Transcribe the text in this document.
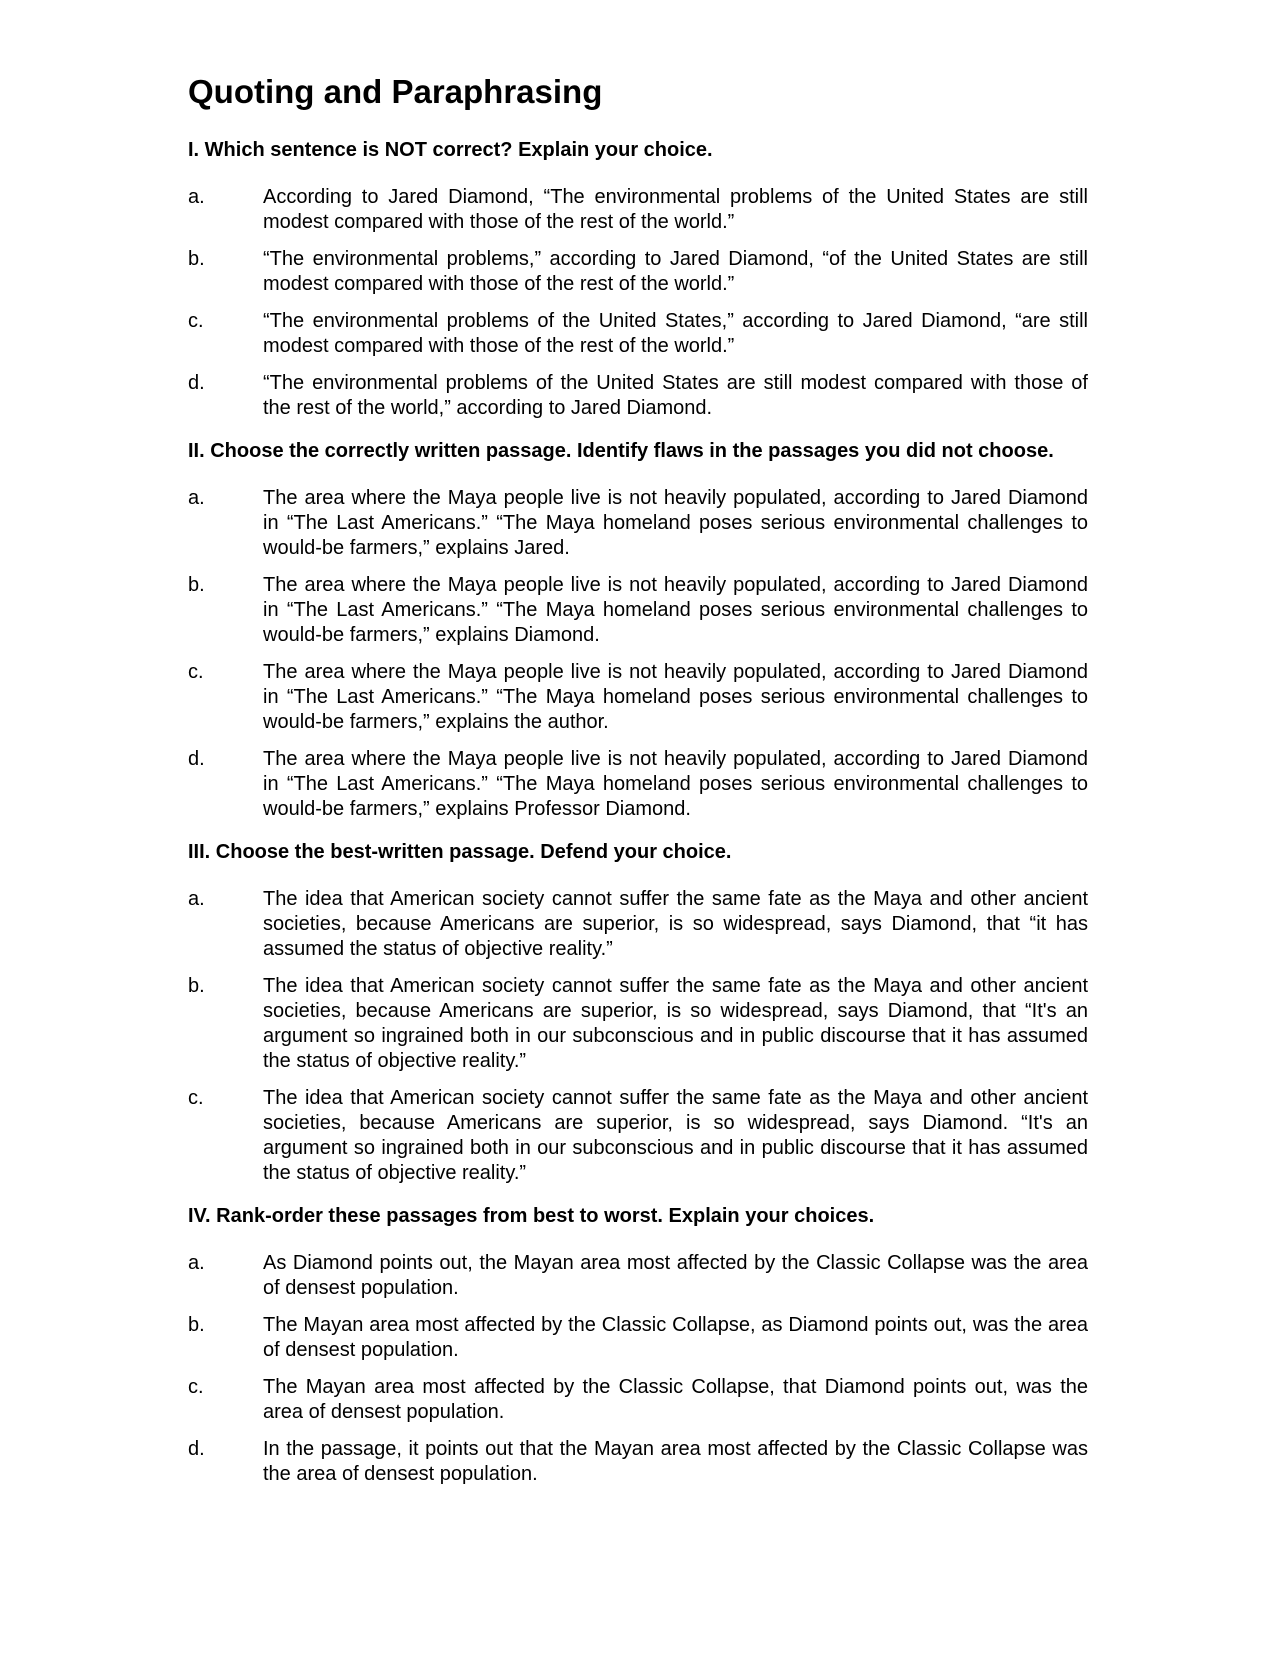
Quoting and Paraphrasing
I. Which sentence is NOT correct? Explain your choice.
a.	According to Jared Diamond, “The environmental problems of the United States are still modest compared with those of the rest of the world.”
b.	“The environmental problems,” according to Jared Diamond, “of the United States are still modest compared with those of the rest of the world.”
c.	“The environmental problems of the United States,” according to Jared Diamond, “are still modest compared with those of the rest of the world.”
d.	“The environmental problems of the United States are still modest compared with those of the rest of the world,” according to Jared Diamond.
II. Choose the correctly written passage. Identify flaws in the passages you did not choose.
a.	The area where the Maya people live is not heavily populated, according to Jared Diamond in “The Last Americans.” “The Maya homeland poses serious environmental challenges to would-be farmers,” explains Jared.
b.	The area where the Maya people live is not heavily populated, according to Jared Diamond in “The Last Americans.” “The Maya homeland poses serious environmental challenges to would-be farmers,” explains Diamond.
c.	The area where the Maya people live is not heavily populated, according to Jared Diamond in “The Last Americans.” “The Maya homeland poses serious environmental challenges to would-be farmers,” explains the author.
d.	The area where the Maya people live is not heavily populated, according to Jared Diamond in “The Last Americans.” “The Maya homeland poses serious environmental challenges to would-be farmers,” explains Professor Diamond.
III. Choose the best-written passage. Defend your choice.
a.	The idea that American society cannot suffer the same fate as the Maya and other ancient societies, because Americans are superior, is so widespread, says Diamond, that “it has assumed the status of objective reality.”
b.	The idea that American society cannot suffer the same fate as the Maya and other ancient societies, because Americans are superior, is so widespread, says Diamond, that “It's an argument so ingrained both in our subconscious and in public discourse that it has assumed the status of objective reality.”
c.	The idea that American society cannot suffer the same fate as the Maya and other ancient societies, because Americans are superior, is so widespread, says Diamond. “It's an argument so ingrained both in our subconscious and in public discourse that it has assumed the status of objective reality.”
IV. Rank-order these passages from best to worst. Explain your choices.
a.	As Diamond points out, the Mayan area most affected by the Classic Collapse was the area of densest population.
b.	The Mayan area most affected by the Classic Collapse, as Diamond points out, was the area of densest population.
c.	The Mayan area most affected by the Classic Collapse, that Diamond points out, was the area of densest population.
d.	In the passage, it points out that the Mayan area most affected by the Classic Collapse was the area of densest population.
